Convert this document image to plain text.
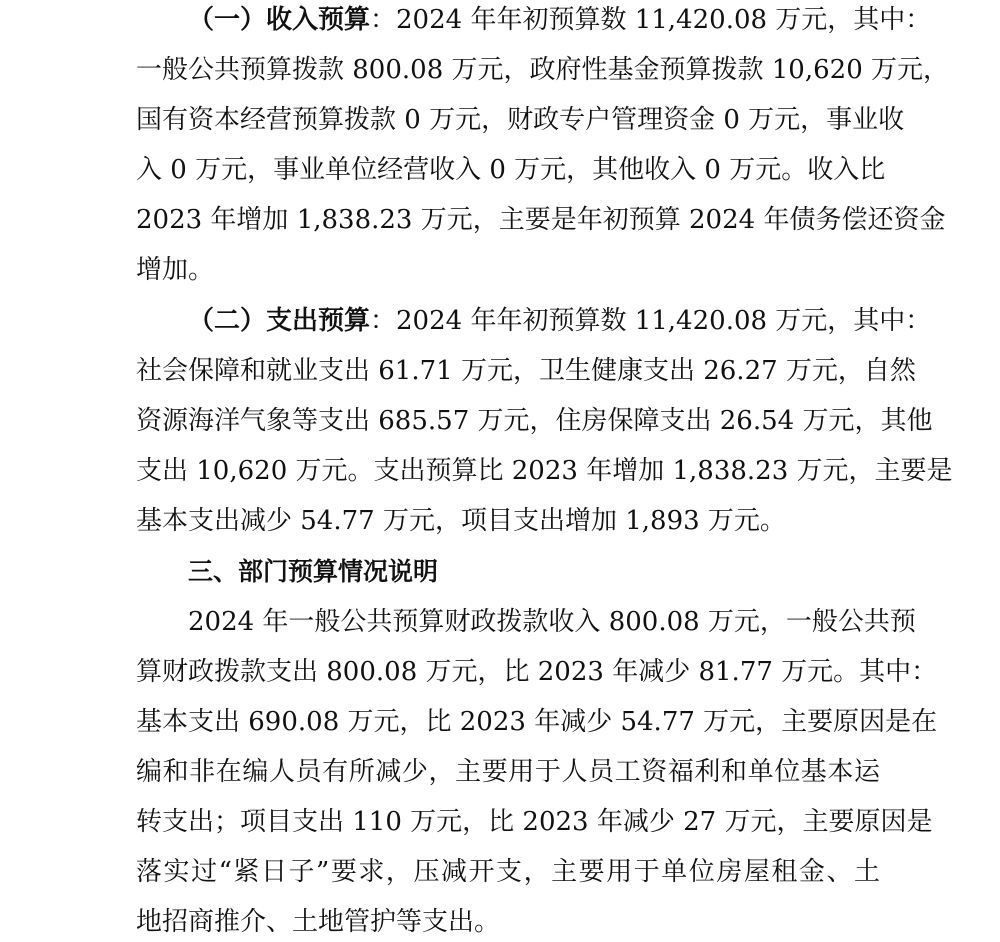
（一）收入预算：2024 年年初预算数 11,420.08 万元，其中：
一般公共预算拨款 800.08 万元，政府性基金预算拨款 10,620 万元，
国有资本经营预算拨款 0 万元，财政专户管理资金 0 万元，事业收
入 0 万元，事业单位经营收入 0 万元，其他收入 0 万元。收入比
2023 年增加 1,838.23 万元，主要是年初预算 2024 年债务偿还资金
增加。
（二）支出预算：2024 年年初预算数 11,420.08 万元，其中：
社会保障和就业支出 61.71 万元，卫生健康支出 26.27 万元，自然
资源海洋气象等支出 685.57 万元，住房保障支出 26.54 万元，其他
支出 10,620 万元。支出预算比 2023 年增加 1,838.23 万元，主要是
基本支出减少 54.77 万元，项目支出增加 1,893 万元。
三、部门预算情况说明
2024 年一般公共预算财政拨款收入 800.08 万元，一般公共预
算财政拨款支出 800.08 万元，比 2023 年减少 81.77 万元。其中：
基本支出 690.08 万元，比 2023 年减少 54.77 万元，主要原因是在
编和非在编人员有所减少，主要用于人员工资福利和单位基本运
转支出；项目支出 110 万元，比 2023 年减少 27 万元，主要原因是
落实过“紧日子”要求，压减开支，主要用于单位房屋租金、土
地招商推介、土地管护等支出。
